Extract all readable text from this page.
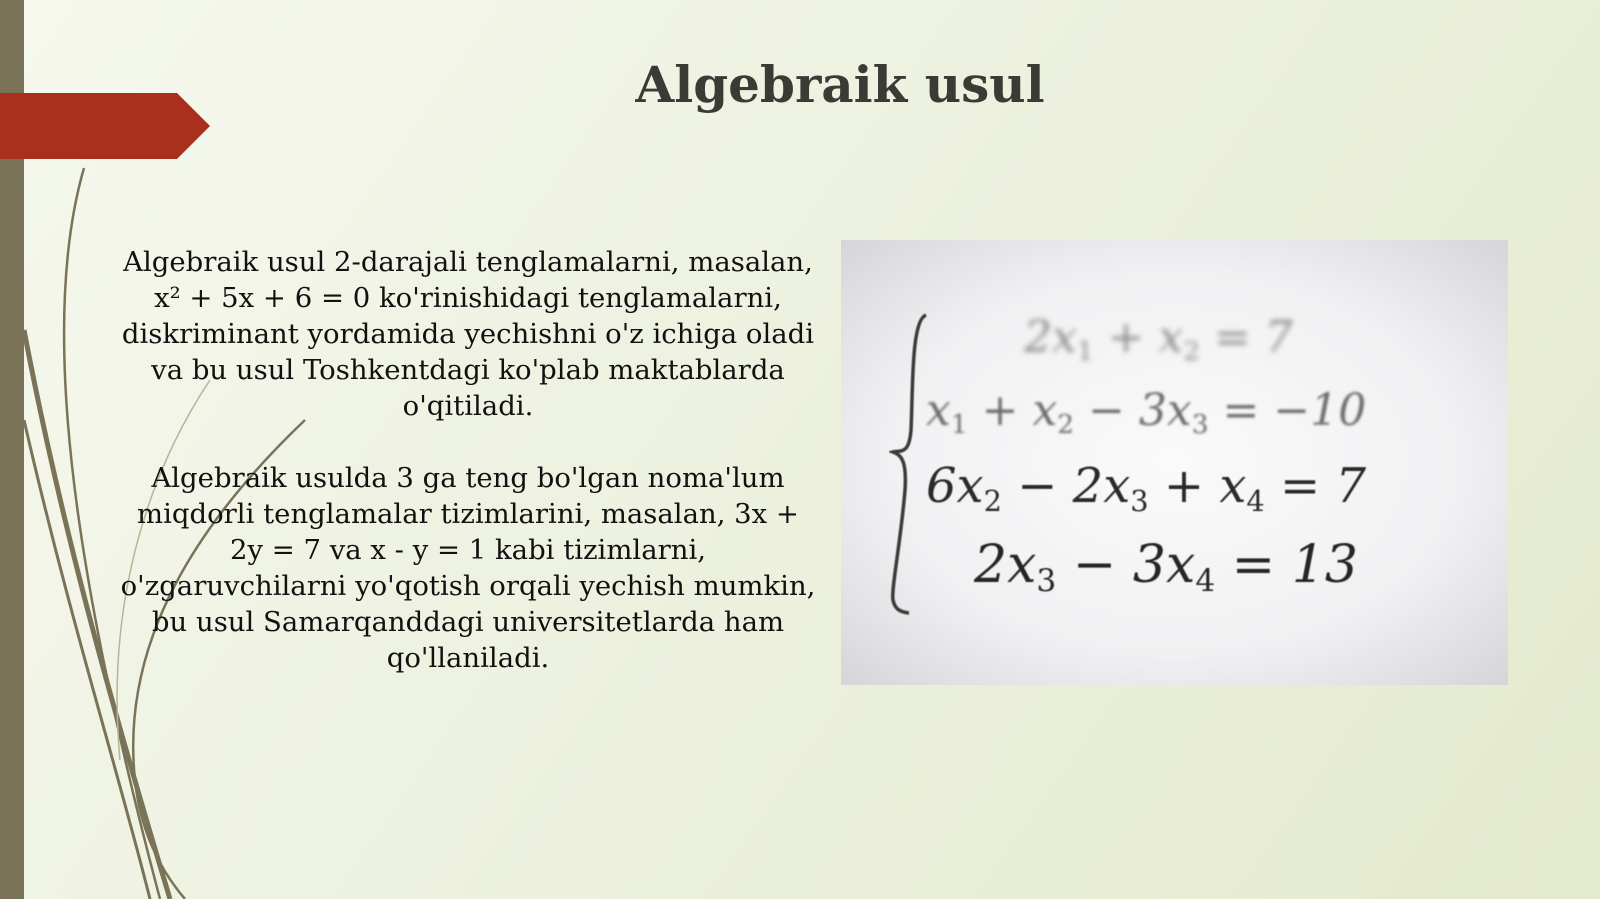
Algebraik usul

Algebraik usul 2-darajali tenglamalarni, masalan, x² + 5x + 6 = 0 ko'rinishidagi tenglamalarni, diskriminant yordamida yechishni o'z ichiga oladi va bu usul Toshkentdagi ko'plab maktablarda o'qitiladi.

Algebraik usulda 3 ga teng bo'lgan noma'lum miqdorli tenglamalar tizimlarini, masalan, 3x + 2y = 7 va x - y = 1 kabi tizimlarni, o'zgaruvchilarni yo'qotish orqali yechish mumkin, bu usul Samarqanddagi universitetlarda ham qo'llaniladi.

2x1 + x2 = 7
x1 + x2 − 3x3 = −10
6x2 − 2x3 + x4 = 7
2x3 − 3x4 = 13
